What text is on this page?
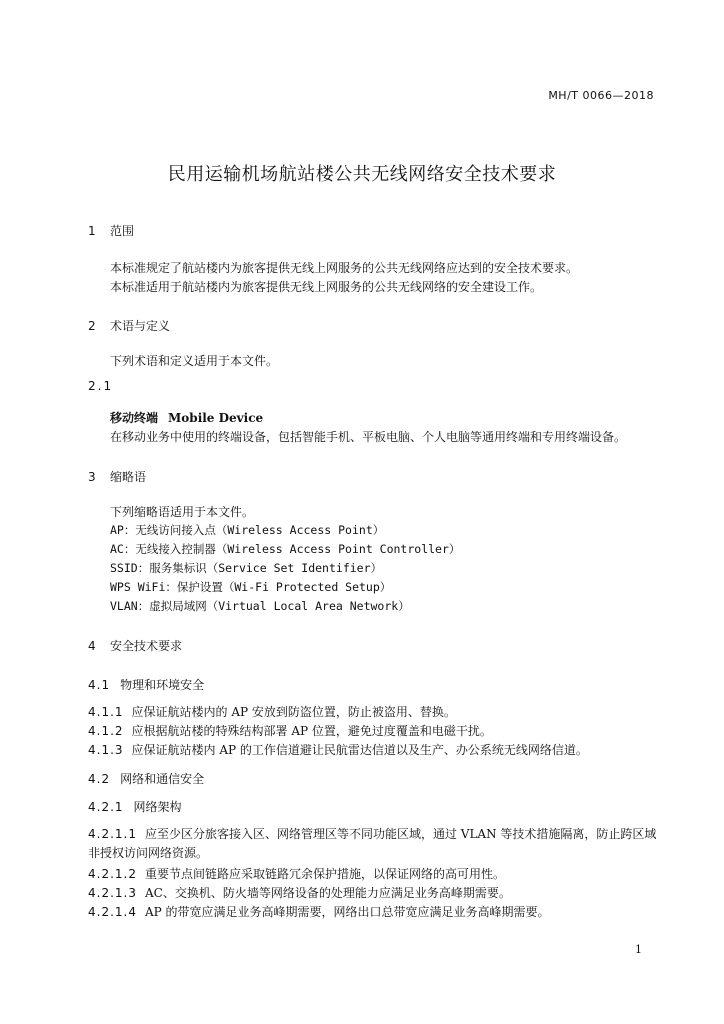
MH/T 0066—2018
民用运输机场航站楼公共无线网络安全技术要求
1 范围
本标准规定了航站楼内为旅客提供无线上网服务的公共无线网络应达到的安全技术要求。
本标准适用于航站楼内为旅客提供无线上网服务的公共无线网络的安全建设工作。
2 术语与定义
下列术语和定义适用于本文件。
2.1
移动终端 Mobile Device
在移动业务中使用的终端设备，包括智能手机、平板电脑、个人电脑等通用终端和专用终端设备。
3 缩略语
下列缩略语适用于本文件。
AP：无线访问接入点（Wireless Access Point）
AC：无线接入控制器（Wireless Access Point Controller）
SSID：服务集标识（Service Set Identifier）
WPS WiFi：保护设置（Wi-Fi Protected Setup）
VLAN：虚拟局域网（Virtual Local Area Network）
4 安全技术要求
4.1 物理和环境安全
4.1.1 应保证航站楼内的 AP 安放到防盗位置，防止被盗用、替换。
4.1.2 应根据航站楼的特殊结构部署 AP 位置，避免过度覆盖和电磁干扰。
4.1.3 应保证航站楼内 AP 的工作信道避让民航雷达信道以及生产、办公系统无线网络信道。
4.2 网络和通信安全
4.2.1 网络架构
4.2.1.1 应至少区分旅客接入区、网络管理区等不同功能区域，通过 VLAN 等技术措施隔离，防止跨区域非授权访问网络资源。
4.2.1.2 重要节点间链路应采取链路冗余保护措施，以保证网络的高可用性。
4.2.1.3 AC、交换机、防火墙等网络设备的处理能力应满足业务高峰期需要。
4.2.1.4 AP 的带宽应满足业务高峰期需要，网络出口总带宽应满足业务高峰期需要。
1
